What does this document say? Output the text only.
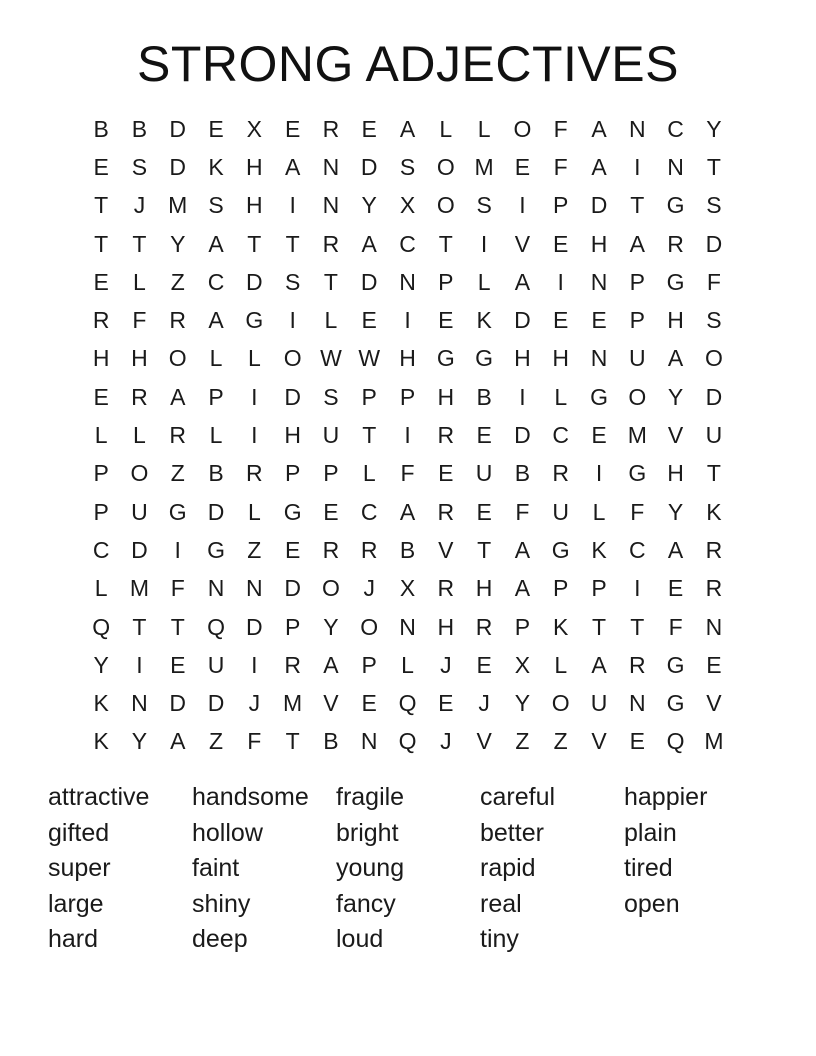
STRONG ADJECTIVES
B B D E X E R E A	L	L O F	A N C Y
E S D K H A N D S O M E	F	A	I	N T
T	J M S H	I	N Y X O S	I	P D T G S
T	T	Y A	T	T R A C T	I	V E H A R D
E	L	Z C D S	T D N P	L	A	I	N P G F
R F R A G	I	L	E	I	E K D E E P H S
H H O L	L O W W H G G H H N U A O
E R A P	I	D S P P H B	I	L G O Y D
L	L	R	L	I	H U T	I	R E D C E M V U
P O Z	B R P P	L	F	E U B R	I	G H T
P U G D	L G E C A R E	F U	L	F	Y K
C D	I	G Z	E R R B V	T	A G K C A R
L M F N N D O	J	X R H A P P	I	E R
Q T	T Q D P Y O N H R P K	T	T	F N
Y	I	E U	I	R A P	L	J	E X	L	A R G E
K N D D	J M V E Q E	J	Y O U N G V
K Y A	Z	F	T	B N Q	J	V	Z	Z	V E Q M
attractive	handsome	fragile	careful	happier
gifted	hollow	bright	better	plain
super	faint	young	rapid	tired
large	shiny	fancy	real	open
hard	deep	loud	tiny
